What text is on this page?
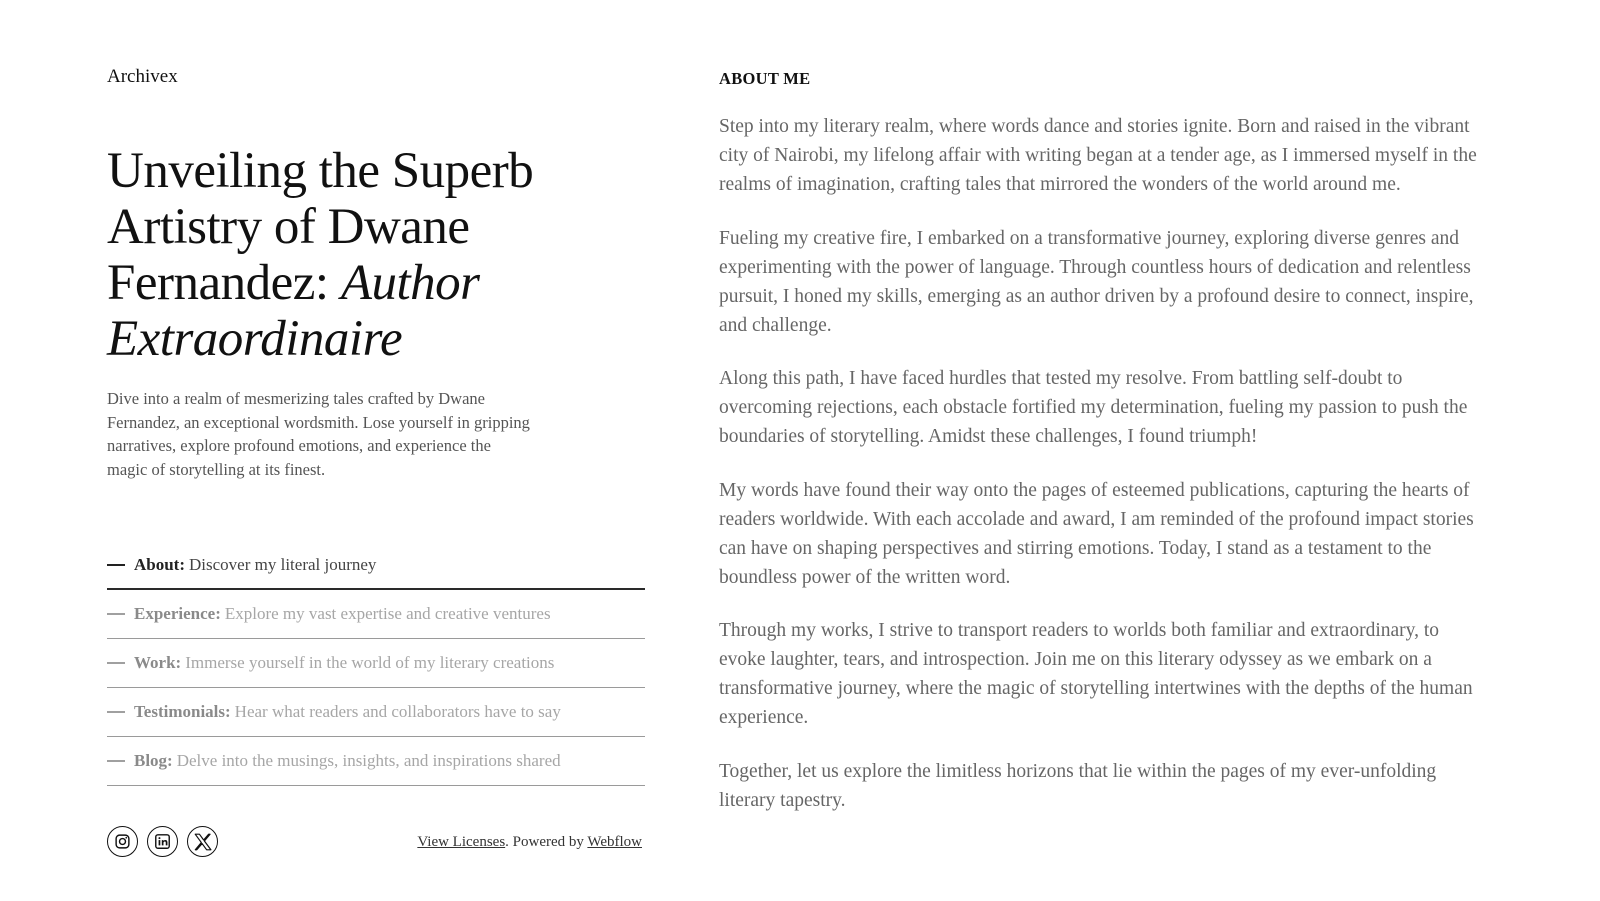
Archivex
Unveiling the Superb Artistry of Dwane Fernandez: Author Extraordinaire

Dive into a realm of mesmerizing tales crafted by Dwane Fernandez, an exceptional wordsmith. Lose yourself in gripping narratives, explore profound emotions, and experience the magic of storytelling at its finest.

About: Discover my literal journey
Experience: Explore my vast expertise and creative ventures
Work: Immerse yourself in the world of my literary creations
Testimonials: Hear what readers and collaborators have to say
Blog: Delve into the musings, insights, and inspirations shared
View Licenses. Powered by Webflow
ABOUT ME

Step into my literary realm, where words dance and stories ignite. Born and raised in the vibrant city of Nairobi, my lifelong affair with writing began at a tender age, as I immersed myself in the realms of imagination, crafting tales that mirrored the wonders of the world around me.

Fueling my creative fire, I embarked on a transformative journey, exploring diverse genres and experimenting with the power of language. Through countless hours of dedication and relentless pursuit, I honed my skills, emerging as an author driven by a profound desire to connect, inspire, and challenge.

Along this path, I have faced hurdles that tested my resolve. From battling self-doubt to overcoming rejections, each obstacle fortified my determination, fueling my passion to push the boundaries of storytelling. Amidst these challenges, I found triumph!

My words have found their way onto the pages of esteemed publications, capturing the hearts of readers worldwide. With each accolade and award, I am reminded of the profound impact stories can have on shaping perspectives and stirring emotions. Today, I stand as a testament to the boundless power of the written word.

Through my works, I strive to transport readers to worlds both familiar and extraordinary, to evoke laughter, tears, and introspection. Join me on this literary odyssey as we embark on a transformative journey, where the magic of storytelling intertwines with the depths of the human experience.

Together, let us explore the limitless horizons that lie within the pages of my ever-unfolding literary tapestry.
